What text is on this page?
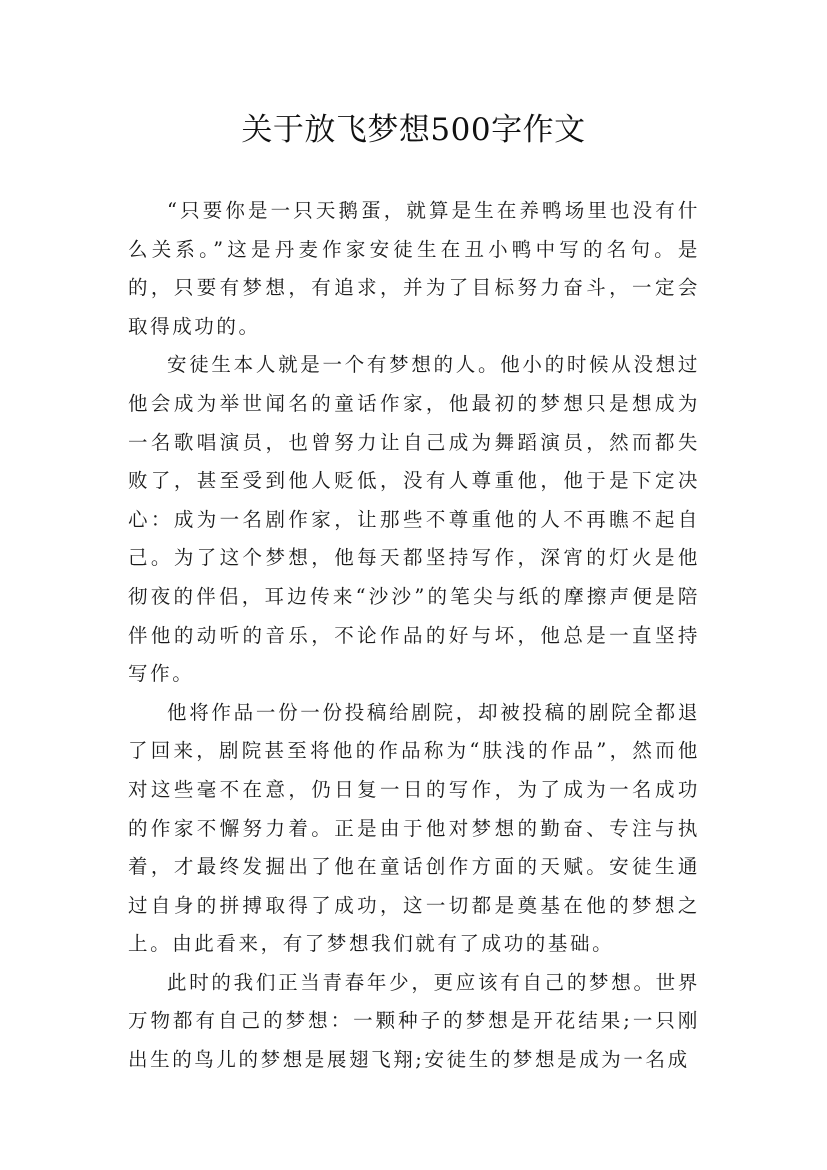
关于放飞梦想500字作文

“只要你是一只天鹅蛋，就算是生在养鸭场里也没有什么关系。”这是丹麦作家安徒生在丑小鸭中写的名句。是的，只要有梦想，有追求，并为了目标努力奋斗，一定会取得成功的。

安徒生本人就是一个有梦想的人。他小的时候从没想过他会成为举世闻名的童话作家，他最初的梦想只是想成为一名歌唱演员，也曾努力让自己成为舞蹈演员，然而都失败了，甚至受到他人贬低，没有人尊重他，他于是下定决心：成为一名剧作家，让那些不尊重他的人不再瞧不起自己。为了这个梦想，他每天都坚持写作，深宵的灯火是他彻夜的伴侣，耳边传来“沙沙”的笔尖与纸的摩擦声便是陪伴他的动听的音乐，不论作品的好与坏，他总是一直坚持写作。

他将作品一份一份投稿给剧院，却被投稿的剧院全都退了回来，剧院甚至将他的作品称为“肤浅的作品”，然而他对这些毫不在意，仍日复一日的写作，为了成为一名成功的作家不懈努力着。正是由于他对梦想的勤奋、专注与执着，才最终发掘出了他在童话创作方面的天赋。安徒生通过自身的拼搏取得了成功，这一切都是奠基在他的梦想之上。由此看来，有了梦想我们就有了成功的基础。

此时的我们正当青春年少，更应该有自己的梦想。世界万物都有自己的梦想：一颗种子的梦想是开花结果;一只刚出生的鸟儿的梦想是展翅飞翔;安徒生的梦想是成为一名成
